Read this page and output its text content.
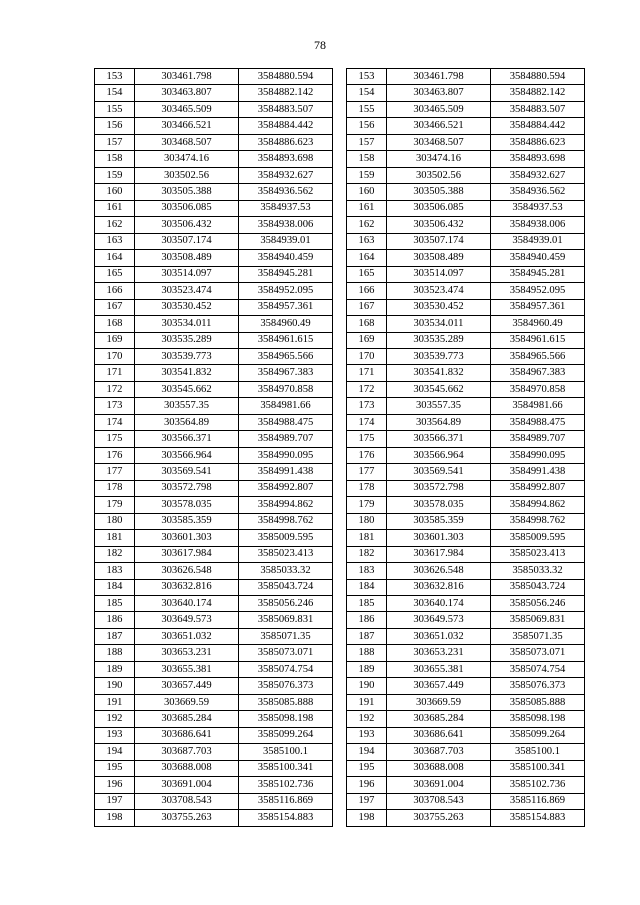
78
153	303461.798	3584880.594
154	303463.807	3584882.142
155	303465.509	3584883.507
156	303466.521	3584884.442
157	303468.507	3584886.623
158	303474.16	3584893.698
159	303502.56	3584932.627
160	303505.388	3584936.562
161	303506.085	3584937.53
162	303506.432	3584938.006
163	303507.174	3584939.01
164	303508.489	3584940.459
165	303514.097	3584945.281
166	303523.474	3584952.095
167	303530.452	3584957.361
168	303534.011	3584960.49
169	303535.289	3584961.615
170	303539.773	3584965.566
171	303541.832	3584967.383
172	303545.662	3584970.858
173	303557.35	3584981.66
174	303564.89	3584988.475
175	303566.371	3584989.707
176	303566.964	3584990.095
177	303569.541	3584991.438
178	303572.798	3584992.807
179	303578.035	3584994.862
180	303585.359	3584998.762
181	303601.303	3585009.595
182	303617.984	3585023.413
183	303626.548	3585033.32
184	303632.816	3585043.724
185	303640.174	3585056.246
186	303649.573	3585069.831
187	303651.032	3585071.35
188	303653.231	3585073.071
189	303655.381	3585074.754
190	303657.449	3585076.373
191	303669.59	3585085.888
192	303685.284	3585098.198
193	303686.641	3585099.264
194	303687.703	3585100.1
195	303688.008	3585100.341
196	303691.004	3585102.736
197	303708.543	3585116.869
198	303755.263	3585154.883
153	303461.798	3584880.594
154	303463.807	3584882.142
155	303465.509	3584883.507
156	303466.521	3584884.442
157	303468.507	3584886.623
158	303474.16	3584893.698
159	303502.56	3584932.627
160	303505.388	3584936.562
161	303506.085	3584937.53
162	303506.432	3584938.006
163	303507.174	3584939.01
164	303508.489	3584940.459
165	303514.097	3584945.281
166	303523.474	3584952.095
167	303530.452	3584957.361
168	303534.011	3584960.49
169	303535.289	3584961.615
170	303539.773	3584965.566
171	303541.832	3584967.383
172	303545.662	3584970.858
173	303557.35	3584981.66
174	303564.89	3584988.475
175	303566.371	3584989.707
176	303566.964	3584990.095
177	303569.541	3584991.438
178	303572.798	3584992.807
179	303578.035	3584994.862
180	303585.359	3584998.762
181	303601.303	3585009.595
182	303617.984	3585023.413
183	303626.548	3585033.32
184	303632.816	3585043.724
185	303640.174	3585056.246
186	303649.573	3585069.831
187	303651.032	3585071.35
188	303653.231	3585073.071
189	303655.381	3585074.754
190	303657.449	3585076.373
191	303669.59	3585085.888
192	303685.284	3585098.198
193	303686.641	3585099.264
194	303687.703	3585100.1
195	303688.008	3585100.341
196	303691.004	3585102.736
197	303708.543	3585116.869
198	303755.263	3585154.883
